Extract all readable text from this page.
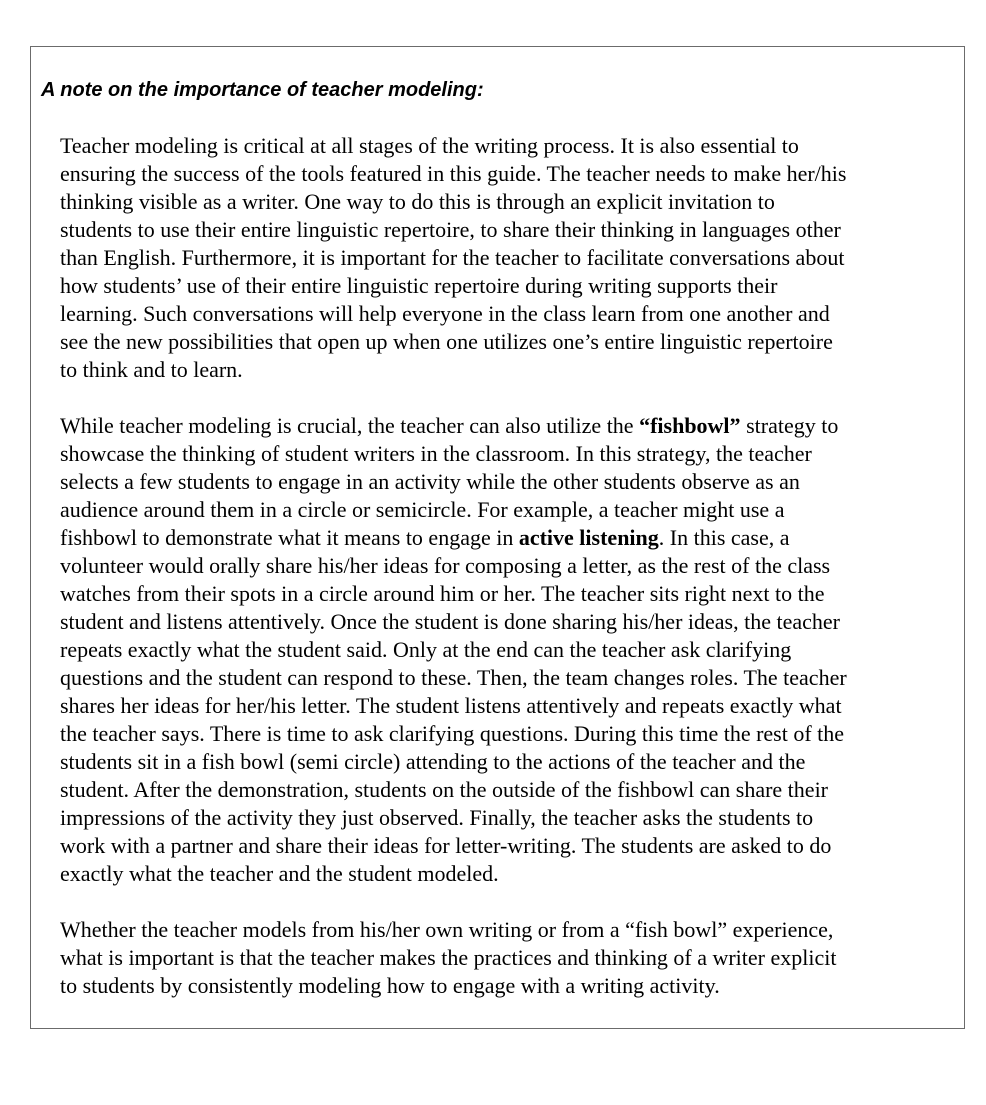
A note on the importance of teacher modeling:

Teacher modeling is critical at all stages of the writing process. It is also essential to
ensuring the success of the tools featured in this guide. The teacher needs to make her/his
thinking visible as a writer. One way to do this is through an explicit invitation to
students to use their entire linguistic repertoire, to share their thinking in languages other
than English. Furthermore, it is important for the teacher to facilitate conversations about
how students’ use of their entire linguistic repertoire during writing supports their
learning. Such conversations will help everyone in the class learn from one another and
see the new possibilities that open up when one utilizes one’s entire linguistic repertoire
to think and to learn.

While teacher modeling is crucial, the teacher can also utilize the “fishbowl” strategy to
showcase the thinking of student writers in the classroom. In this strategy, the teacher
selects a few students to engage in an activity while the other students observe as an
audience around them in a circle or semicircle. For example, a teacher might use a
fishbowl to demonstrate what it means to engage in active listening. In this case, a
volunteer would orally share his/her ideas for composing a letter, as the rest of the class
watches from their spots in a circle around him or her. The teacher sits right next to the
student and listens attentively. Once the student is done sharing his/her ideas, the teacher
repeats exactly what the student said. Only at the end can the teacher ask clarifying
questions and the student can respond to these. Then, the team changes roles. The teacher
shares her ideas for her/his letter. The student listens attentively and repeats exactly what
the teacher says. There is time to ask clarifying questions. During this time the rest of the
students sit in a fish bowl (semi circle) attending to the actions of the teacher and the
student. After the demonstration, students on the outside of the fishbowl can share their
impressions of the activity they just observed. Finally, the teacher asks the students to
work with a partner and share their ideas for letter-writing. The students are asked to do
exactly what the teacher and the student modeled.

Whether the teacher models from his/her own writing or from a “fish bowl” experience,
what is important is that the teacher makes the practices and thinking of a writer explicit
to students by consistently modeling how to engage with a writing activity.
